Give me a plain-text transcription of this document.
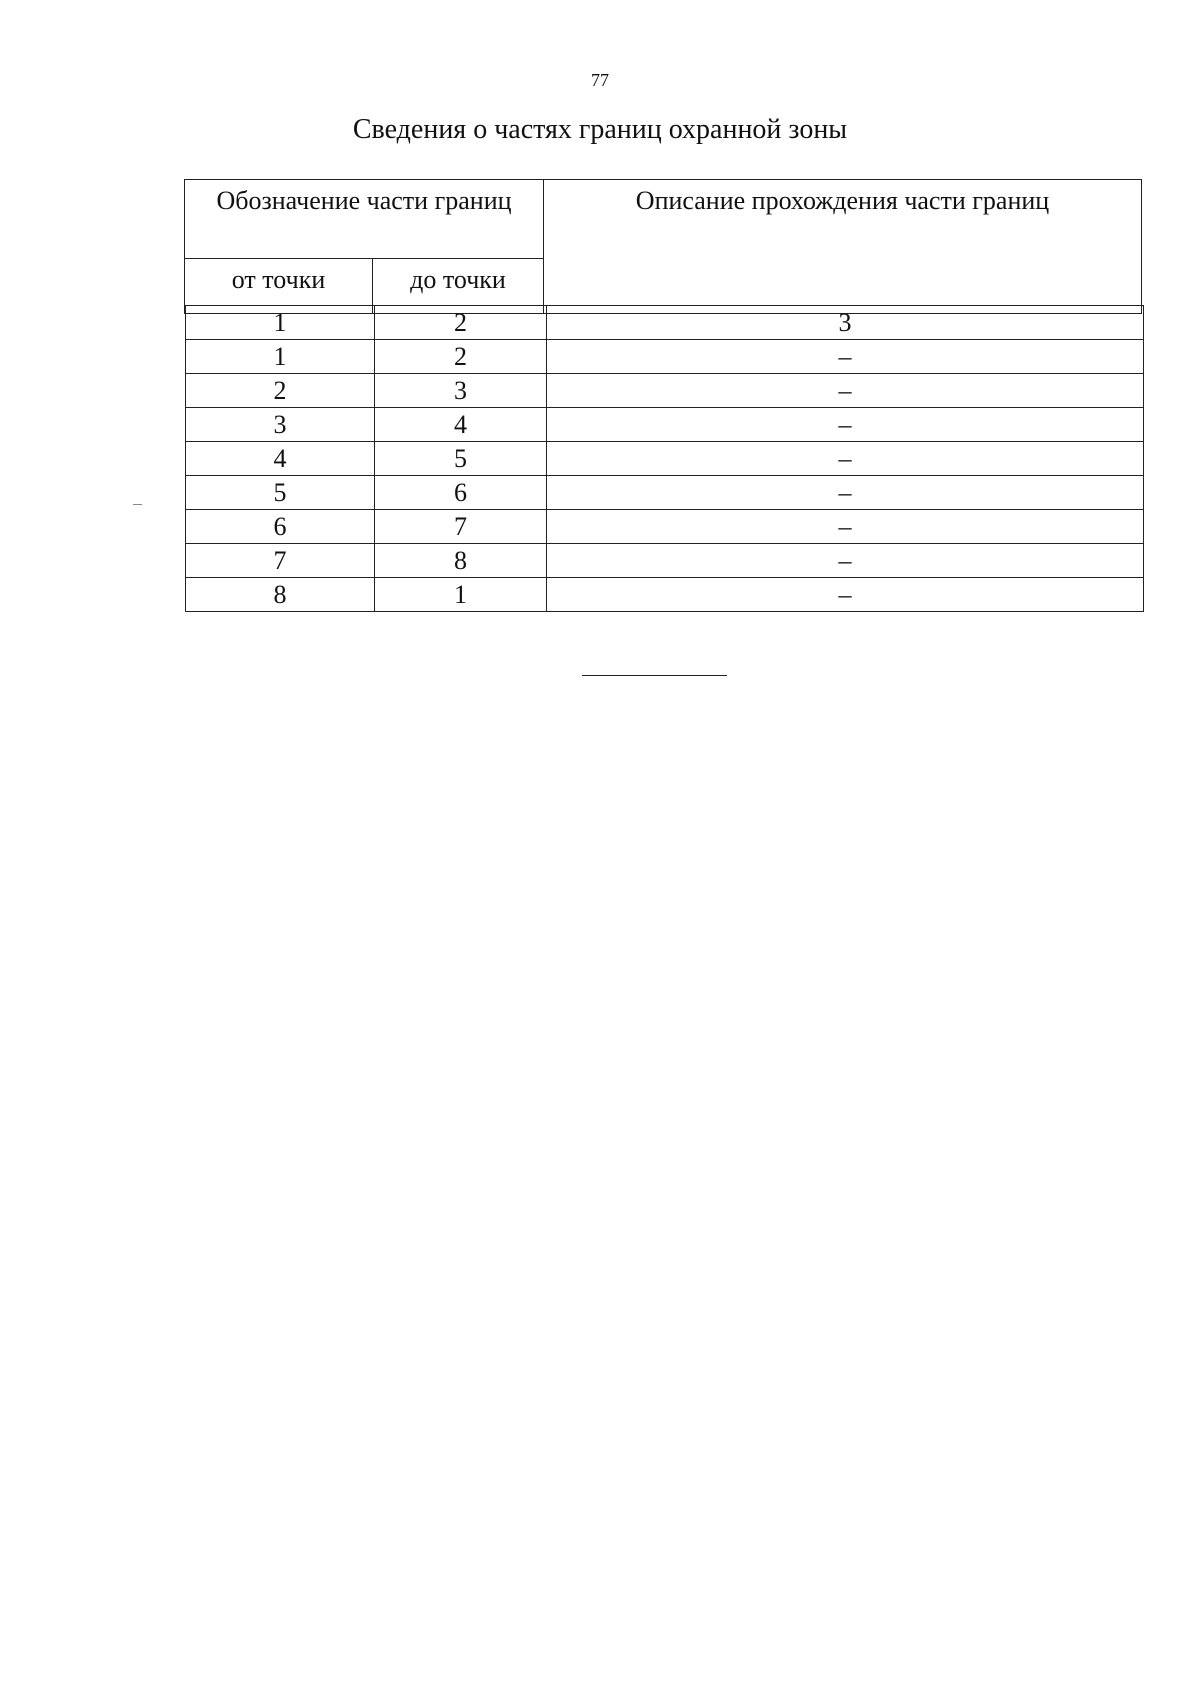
77
Сведения о частях границ охранной зоны
Обозначение части границ		Описание прохождения части границ
от точки	до точки	
1	2	3
1	2	–
2	3	–
3	4	–
4	5	–
5	6	–
6	7	–
7	8	–
8	1	–
